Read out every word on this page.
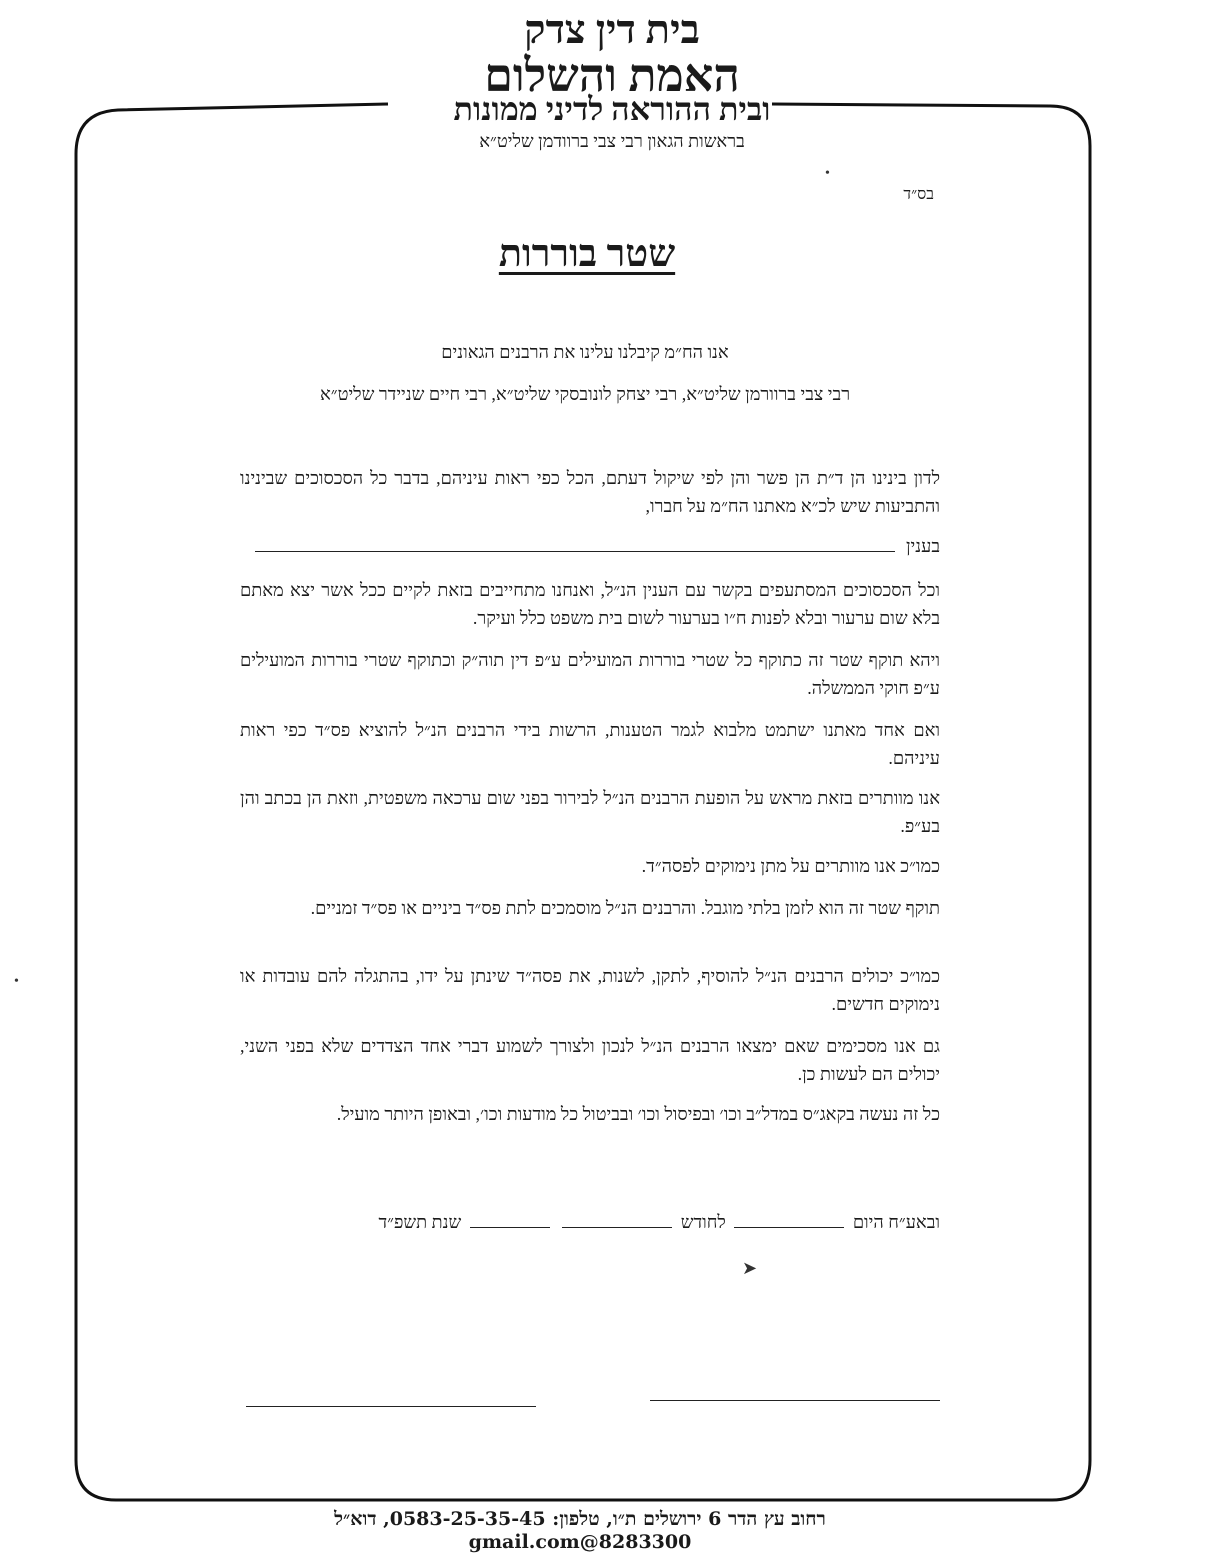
בית דין צדק
האמת והשלום
ובית ההוראה לדיני ממונות
בראשות הגאון רבי צבי ברוודמן שליט״א
בס״ד
שטר בוררות
אנו הח״מ קיבלנו עלינו את הרבנים הגאונים
רבי צבי ברוורמן שליט״א, רבי יצחק לונובסקי שליט״א, רבי חיים שניידר שליט״א

לדון בינינו הן ד״ת הן פשר והן לפי שיקול דעתם, הכל כפי ראות עיניהם, בדבר כל הסכסוכים שבינינו והתביעות שיש לכ״א מאתנו הח״מ על חברו,

וכל הסכסוכים המסתעפים בקשר עם הענין הנ״ל, ואנחנו מתחייבים בזאת לקיים ככל אשר יצא מאתם בלא שום ערעור ובלא לפנות ח״ו בערעור לשום בית משפט כלל ועיקר.

ויהא תוקף שטר זה כתוקף כל שטרי בוררות המועילים ע״פ דין תוה״ק וכתוקף שטרי בוררות המועילים ע״פ חוקי הממשלה.

ואם אחד מאתנו ישתמט מלבוא לגמר הטענות, הרשות בידי הרבנים הנ״ל להוציא פס״ד כפי ראות עיניהם.

אנו מוותרים בזאת מראש על הופעת הרבנים הנ״ל לבירור בפני שום ערכאה משפטית, וזאת הן בכתב והן בע״פ.

כמו״כ אנו מוותרים על מתן נימוקים לפסה״ד.

תוקף שטר זה הוא לזמן בלתי מוגבל. והרבנים הנ״ל מוסמכים לתת פס״ד ביניים או פס״ד זמניים.

כמו״כ יכולים הרבנים הנ״ל להוסיף, לתקן, לשנות, את פסה״ד שינתן על ידו, בהתגלה להם עובדות או נימוקים חדשים.

גם אנו מסכימים שאם ימצאו הרבנים הנ״ל לנכון ולצורך לשמוע דברי אחד הצדדים שלא בפני השני, יכולים הם לעשות כן.

כל זה נעשה בקאג״ס במדל״ב וכו׳ ובפיסול וכו׳ ובביטול כל מודעות וכו׳, ובאופן היותר מועיל.

בענין
ובאע״ח היום  לחודש   שנת תשפ״ד
•
➤
•
רחוב עץ הדר 6 ירושלים ת״ו, טלפון: 0583-25-35-45, דוא״ל 8283300@gmail.com
